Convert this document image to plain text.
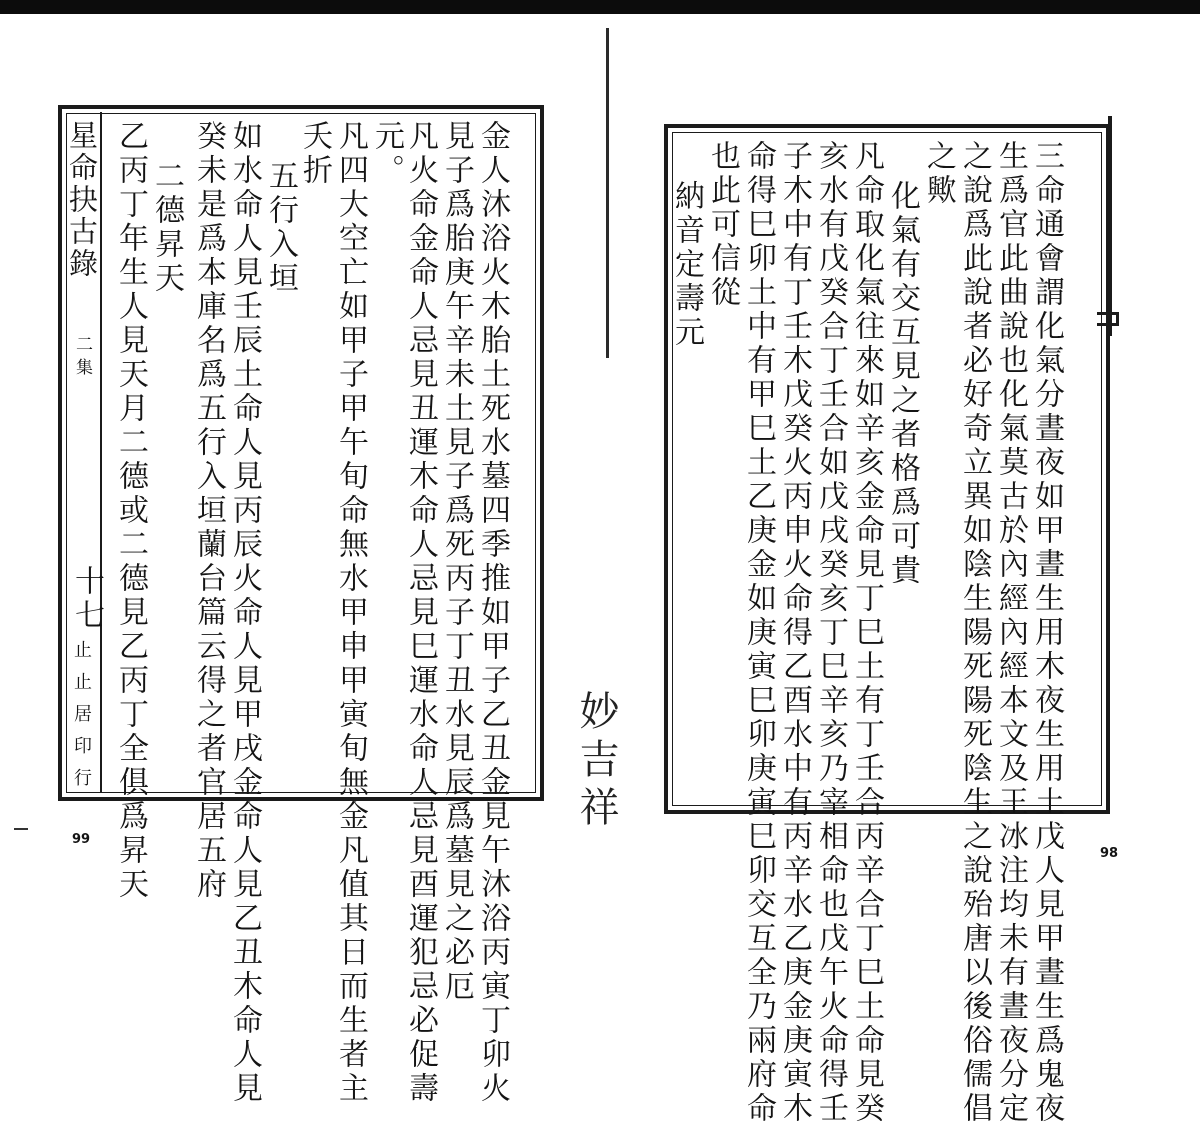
星命抉古錄
二集
十七
止止居印行	金人沐浴火木胎土死水墓四季推如甲子乙丑金見午沐浴丙寅丁卯火
見子爲胎庚午辛未土見子爲死丙子丁丑水見辰爲墓見之必厄
凡火命金命人忌見丑運木命人忌見巳運水命人忌見酉運犯忌必促壽
元。
凡四大空亡如甲子甲午旬命無水甲申甲寅旬無金凡值其日而生者主
夭折
五行入垣
如水命人見壬辰土命人見丙辰火命人見甲戌金命人見乙丑木命人見
癸未是爲本庫名爲五行入垣蘭台篇云得之者官居五府
二德昇天
乙丙丁年生人見天月二德或二德見乙丙丁全俱爲昇天
99
妙吉祥	三命通會謂化氣分晝夜如甲晝生用木夜生用土戊人見甲晝生爲鬼夜
生爲官此曲說也化氣莫古於內經內經本文及王冰注均未有晝夜分定
之說爲此說者必好奇立異如陰生陽死陽死陰生之說殆唐以後俗儒倡
之歟
化氣有交互見之者格爲可貴
凡命取化氣往來如辛亥金命見丁巳土有丁壬合丙辛合丁巳土命見癸
亥水有戊癸合丁壬合如戊戌癸亥丁巳辛亥乃宰相命也戊午火命得壬
子木中有丁壬木戊癸火丙申火命得乙酉水中有丙辛水乙庚金庚寅木
命得巳卯土中有甲巳土乙庚金如庚寅巳卯庚寅巳卯交互全乃兩府命
也此可信從
納音定壽元
98
